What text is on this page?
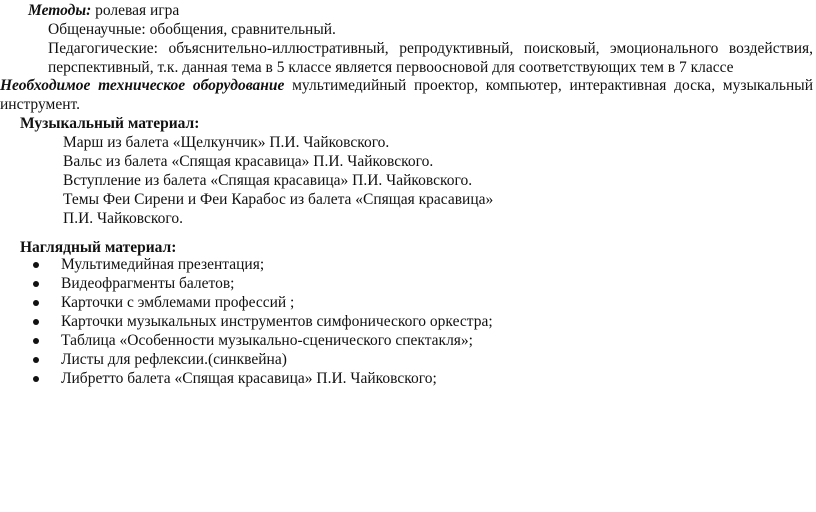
Методы: ролевая игра
Общенаучные: обобщения, сравнительный.
Педагогические: объяснительно-иллюстративный, репродуктивный, поисковый, эмоционального воздействия,
перспективный, т.к. данная тема в 5 классе является первоосновой для соответствующих тем в 7 классе
Необходимое техническое оборудование мультимедийный проектор, компьютер, интерактивная доска, музыкальный
инструмент.
Музыкальный материал:
Марш из балета «Щелкунчик» П.И. Чайковского.
Вальс из балета «Спящая красавица» П.И. Чайковского.
Вступление из балета «Спящая красавица» П.И. Чайковского.
Темы Феи Сирени и Феи Карабос из балета «Спящая красавица»
П.И. Чайковского.
Наглядный материал:
Мультимедийная презентация;
Видеофрагменты балетов;
Карточки с эмблемами профессий ;
Карточки музыкальных инструментов симфонического оркестра;
Таблица «Особенности музыкально-сценического спектакля»;
Листы для рефлексии.(синквейна)
Либретто балета «Спящая красавица» П.И. Чайковского;
